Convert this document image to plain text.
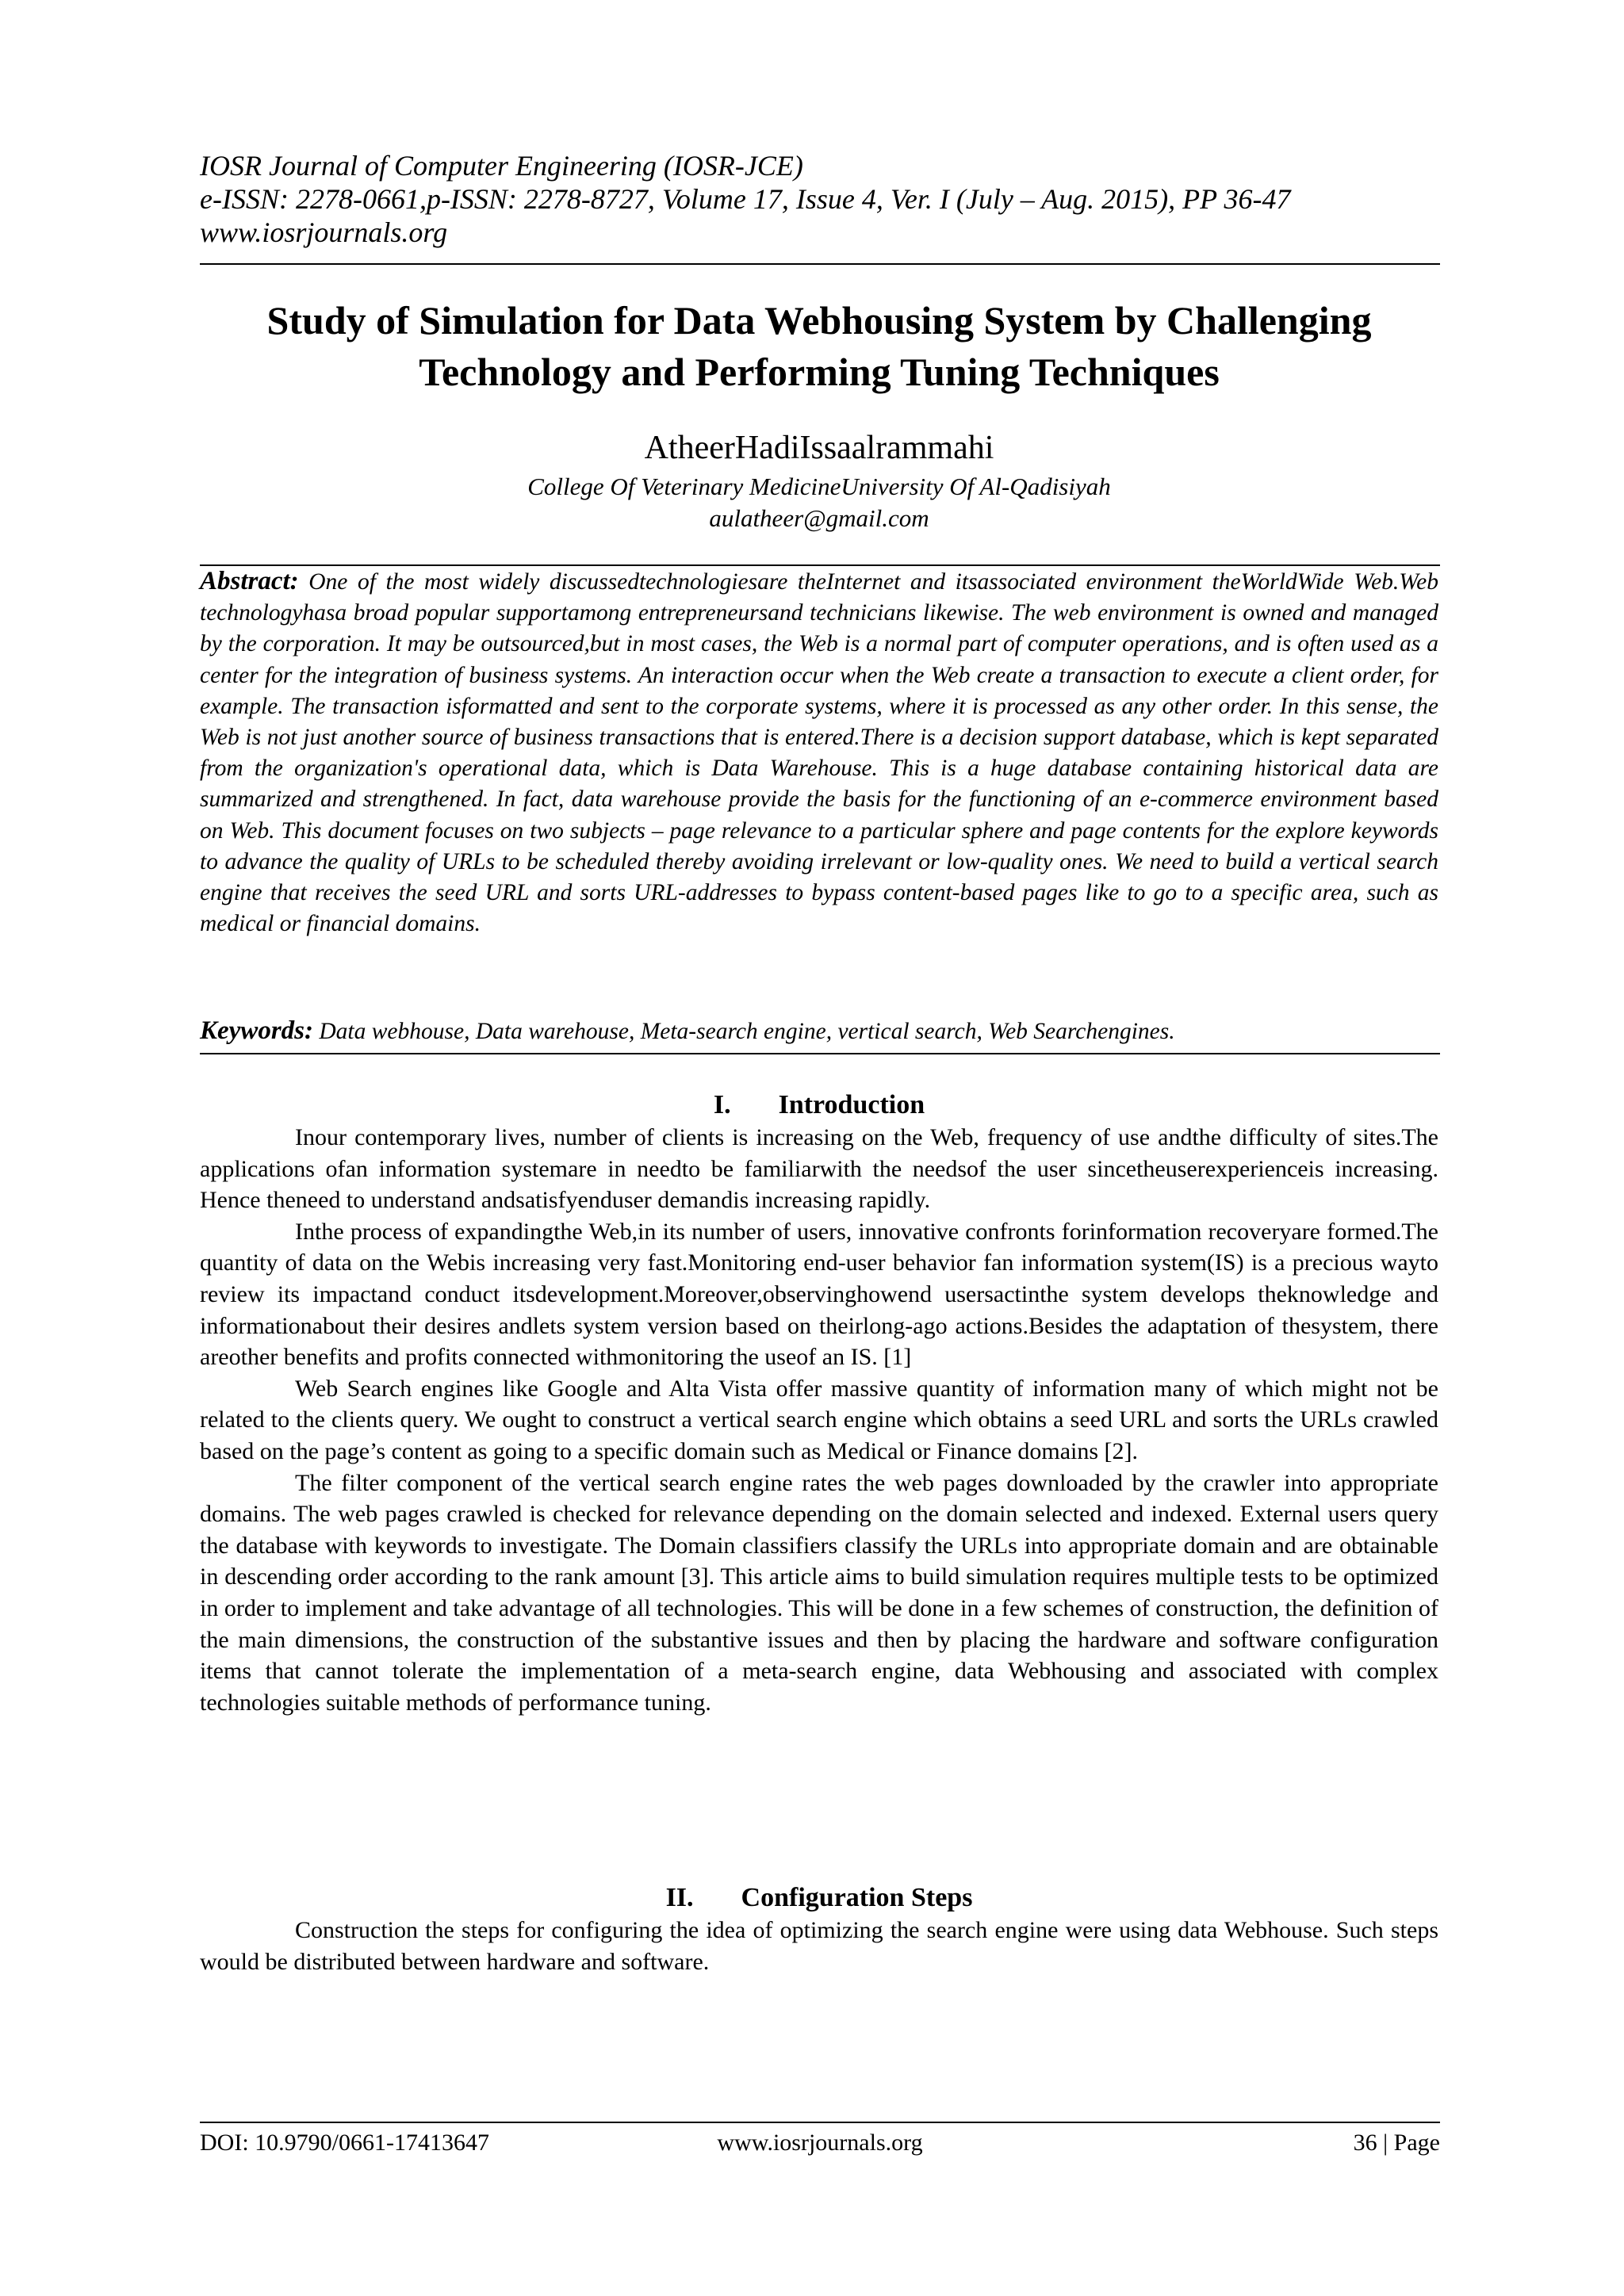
IOSR Journal of Computer Engineering (IOSR-JCE)
e-ISSN: 2278-0661,p-ISSN: 2278-8727, Volume 17, Issue 4, Ver. I (July – Aug. 2015), PP 36-47
www.iosrjournals.org
Study of Simulation for Data Webhousing System by Challenging
Technology and Performing Tuning Techniques
AtheerHadiIssaalrammahi
College Of Veterinary MedicineUniversity Of Al-Qadisiyah
aulatheer@gmail.com
Abstract: One of the most widely discussedtechnologiesare theInternet and itsassociated environment theWorldWide Web.Web technologyhasa broad popular supportamong entrepreneursand technicians likewise. The web environment is owned and managed by the corporation. It may be outsourced,but in most cases, the Web is a normal part of computer operations, and is often used as a center for the integration of business systems. An interaction occur when the Web create a transaction to execute a client order, for example. The transaction isformatted and sent to the corporate systems, where it is processed as any other order. In this sense, the Web is not just another source of business transactions that is entered.There is a decision support database, which is kept separated from the organization's operational data, which is Data Warehouse. This is a huge database containing historical data are summarized and strengthened. In fact, data warehouse provide the basis for the functioning of an e-commerce environment based on Web. This document focuses on two subjects – page relevance to a particular sphere and page contents for the explore keywords to advance the quality of URLs to be scheduled thereby avoiding irrelevant or low-quality ones. We need to build a vertical search engine that receives the seed URL and sorts URL-addresses to bypass content-based pages like to go to a specific area, such as medical or financial domains.
Keywords: Data webhouse, Data warehouse, Meta-search engine, vertical search, Web Searchengines.
I. Introduction

Inour contemporary lives, number of clients is increasing on the Web, frequency of use andthe difficulty of sites.The applications ofan information systemare in needto be familiarwith the needsof the user sincetheuserexperienceis increasing. Hence theneed to understand andsatisfyenduser demandis increasing rapidly.

Inthe process of expandingthe Web,in its number of users, innovative confronts forinformation recoveryare formed.The quantity of data on the Webis increasing very fast.Monitoring end-user behavior fan information system(IS) is a precious wayto review its impactand conduct itsdevelopment.Moreover,observinghowend usersactinthe system develops theknowledge and informationabout their desires andlets system version based on theirlong-ago actions.Besides the adaptation of thesystem, there areother benefits and profits connected withmonitoring the useof an IS. [1]

Web Search engines like Google and Alta Vista offer massive quantity of information many of which might not be related to the clients query. We ought to construct a vertical search engine which obtains a seed URL and sorts the URLs crawled based on the page’s content as going to a specific domain such as Medical or Finance domains [2].

The filter component of the vertical search engine rates the web pages downloaded by the crawler into appropriate domains. The web pages crawled is checked for relevance depending on the domain selected and indexed. External users query the database with keywords to investigate. The Domain classifiers classify the URLs into appropriate domain and are obtainable in descending order according to the rank amount [3]. This article aims to build simulation requires multiple tests to be optimized in order to implement and take advantage of all technologies. This will be done in a few schemes of construction, the definition of the main dimensions, the construction of the substantive issues and then by placing the hardware and software configuration items that cannot tolerate the implementation of a meta-search engine, data Webhousing and associated with complex technologies suitable methods of performance tuning.

II. Configuration Steps

Construction the steps for configuring the idea of optimizing the search engine were using data Webhouse. Such steps would be distributed between hardware and software.

DOI: 10.9790/0661-17413647	www.iosrjournals.org	36 | Page
